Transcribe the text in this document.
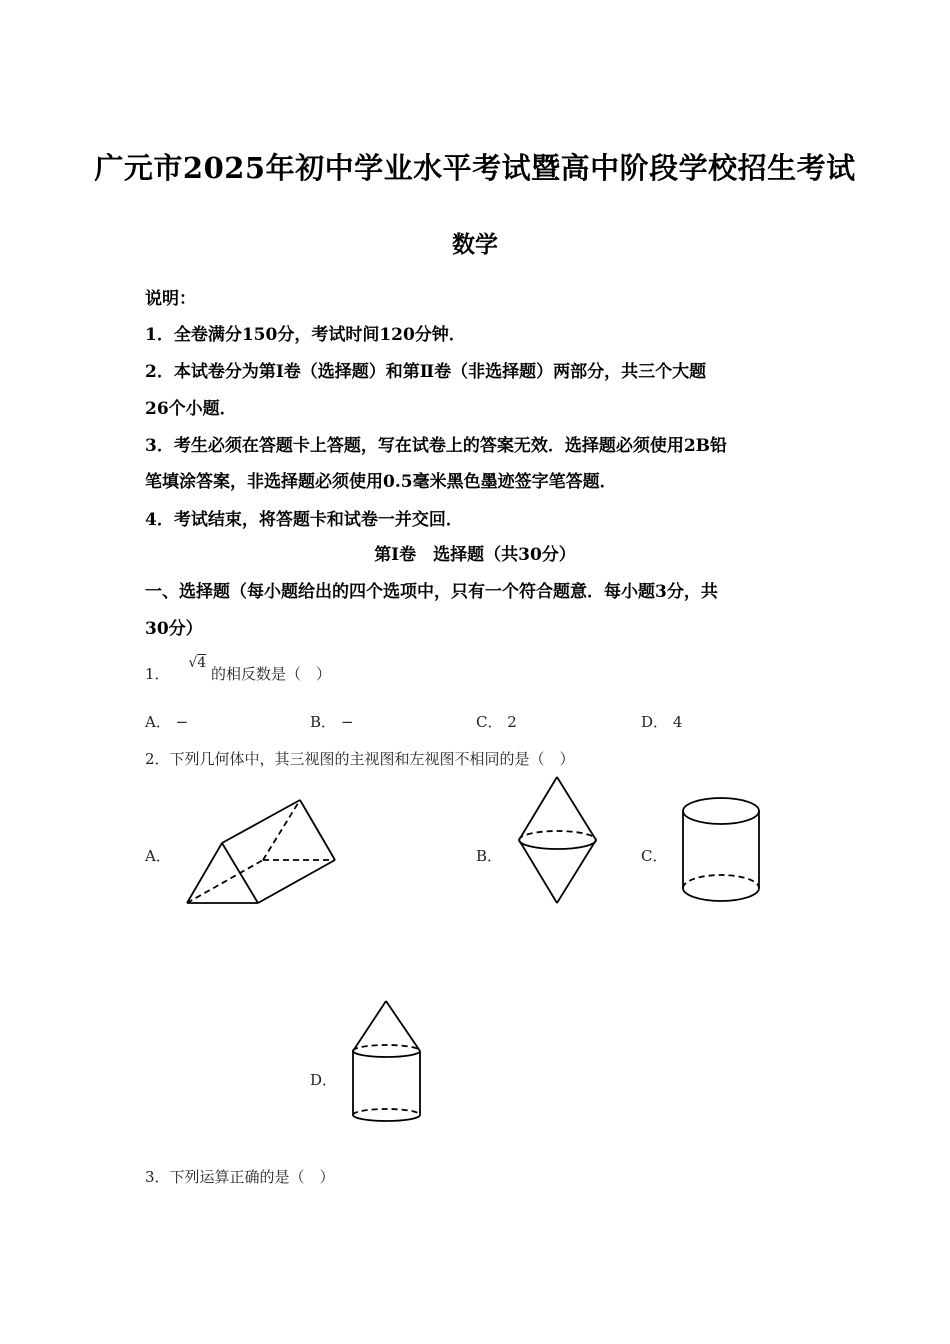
广元市2025年初中学业水平考试暨高中阶段学校招生考试
数学
说明：
1．全卷满分150分，考试时间120分钟．
2．本试卷分为第Ⅰ卷（选择题）和第Ⅱ卷（非选择题）两部分，共三个大题
26个小题．
3．考生必须在答题卡上答题，写在试卷上的答案无效．选择题必须使用2B铅
笔填涂答案，非选择题必须使用0.5毫米黑色墨迹签字笔答题．
4．考试结束，将答题卡和试卷一并交回．
第Ⅰ卷　选择题（共30分）
一、选择题（每小题给出的四个选项中，只有一个符合题意．每小题3分，共
30分）
1． √4 的相反数是（　）
A． −	B． −	C． 2	D． 4
2．下列几何体中，其三视图的主视图和左视图不相同的是（　）
A．	B．	C．
D．
3．下列运算正确的是（　）
